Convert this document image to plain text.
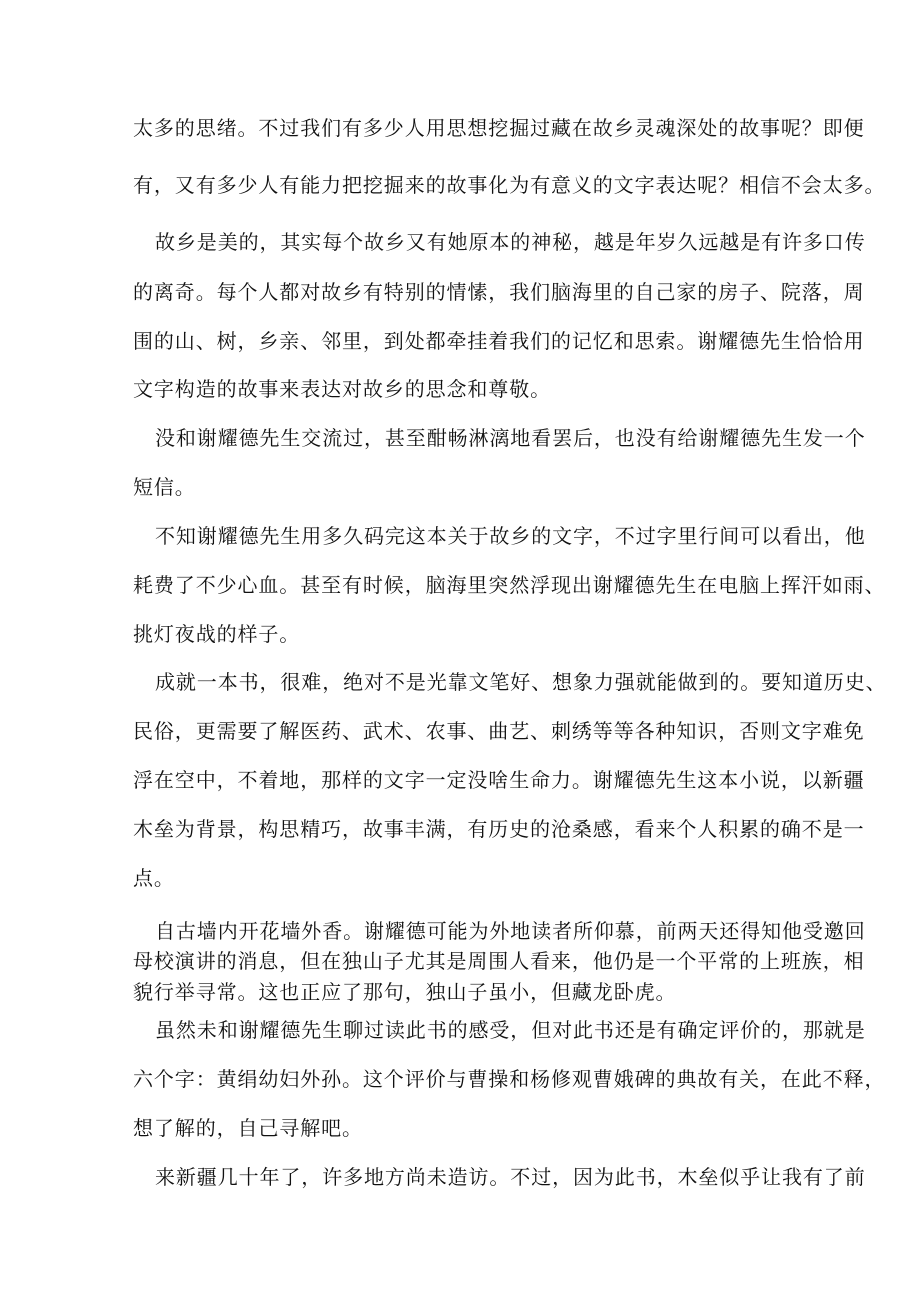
太多的思绪。不过我们有多少人用思想挖掘过藏在故乡灵魂深处的故事呢？即便
有，又有多少人有能力把挖掘来的故事化为有意义的文字表达呢？相信不会太多。
故乡是美的，其实每个故乡又有她原本的神秘，越是年岁久远越是有许多口传
的离奇。每个人都对故乡有特别的情愫，我们脑海里的自己家的房子、院落，周
围的山、树，乡亲、邻里，到处都牵挂着我们的记忆和思索。谢耀德先生恰恰用
文字构造的故事来表达对故乡的思念和尊敬。
没和谢耀德先生交流过，甚至酣畅淋漓地看罢后，也没有给谢耀德先生发一个
短信。
不知谢耀德先生用多久码完这本关于故乡的文字，不过字里行间可以看出，他
耗费了不少心血。甚至有时候，脑海里突然浮现出谢耀德先生在电脑上挥汗如雨、
挑灯夜战的样子。
成就一本书，很难，绝对不是光靠文笔好、想象力强就能做到的。要知道历史、
民俗，更需要了解医药、武术、农事、曲艺、刺绣等等各种知识，否则文字难免
浮在空中，不着地，那样的文字一定没啥生命力。谢耀德先生这本小说，以新疆
木垒为背景，构思精巧，故事丰满，有历史的沧桑感，看来个人积累的确不是一
点。
自古墙内开花墙外香。谢耀德可能为外地读者所仰慕，前两天还得知他受邀回
母校演讲的消息，但在独山子尤其是周围人看来，他仍是一个平常的上班族，相
貌行举寻常。这也正应了那句，独山子虽小，但藏龙卧虎。
虽然未和谢耀德先生聊过读此书的感受，但对此书还是有确定评价的，那就是
六个字：黄绢幼妇外孙。这个评价与曹操和杨修观曹娥碑的典故有关，在此不释，
想了解的，自己寻解吧。
来新疆几十年了，许多地方尚未造访。不过，因为此书，木垒似乎让我有了前
